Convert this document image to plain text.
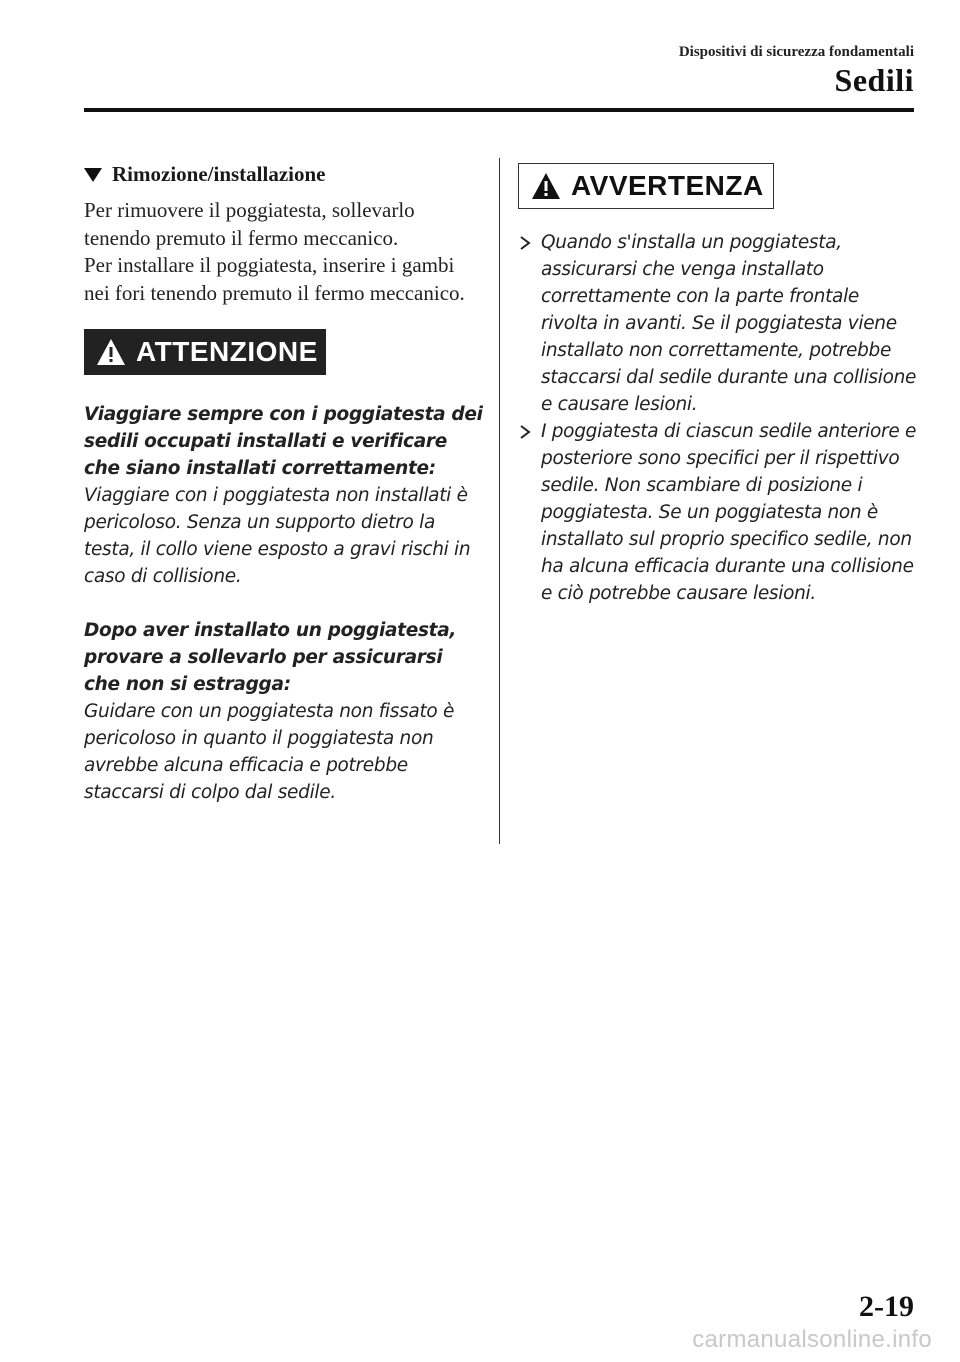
Dispositivi di sicurezza fondamentali
Sedili
Rimozione/installazione

Per rimuovere il poggiatesta, sollevarlo tenendo premuto il fermo meccanico.

Per installare il poggiatesta, inserire i gambi nei fori tenendo premuto il fermo meccanico.

ATTENZIONE

Viaggiare sempre con i poggiatesta dei sedili occupati installati e verificare che siano installati correttamente:

Viaggiare con i poggiatesta non installati è pericoloso. Senza un supporto dietro la testa, il collo viene esposto a gravi rischi in caso di collisione.

Dopo aver installato un poggiatesta, provare a sollevarlo per assicurarsi che non si estragga:

Guidare con un poggiatesta non fissato è pericoloso in quanto il poggiatesta non avrebbe alcuna efficacia e potrebbe staccarsi di colpo dal sedile.

AVVERTENZA
Quando s'installa un poggiatesta, assicurarsi che venga installato correttamente con la parte frontale rivolta in avanti. Se il poggiatesta viene installato non correttamente, potrebbe staccarsi dal sedile durante una collisione e causare lesioni.
I poggiatesta di ciascun sedile anteriore e posteriore sono specifici per il rispettivo sedile. Non scambiare di posizione i poggiatesta. Se un poggiatesta non è installato sul proprio specifico sedile, non ha alcuna efficacia durante una collisione e ciò potrebbe causare lesioni.
2-19
carmanualsonline.info
